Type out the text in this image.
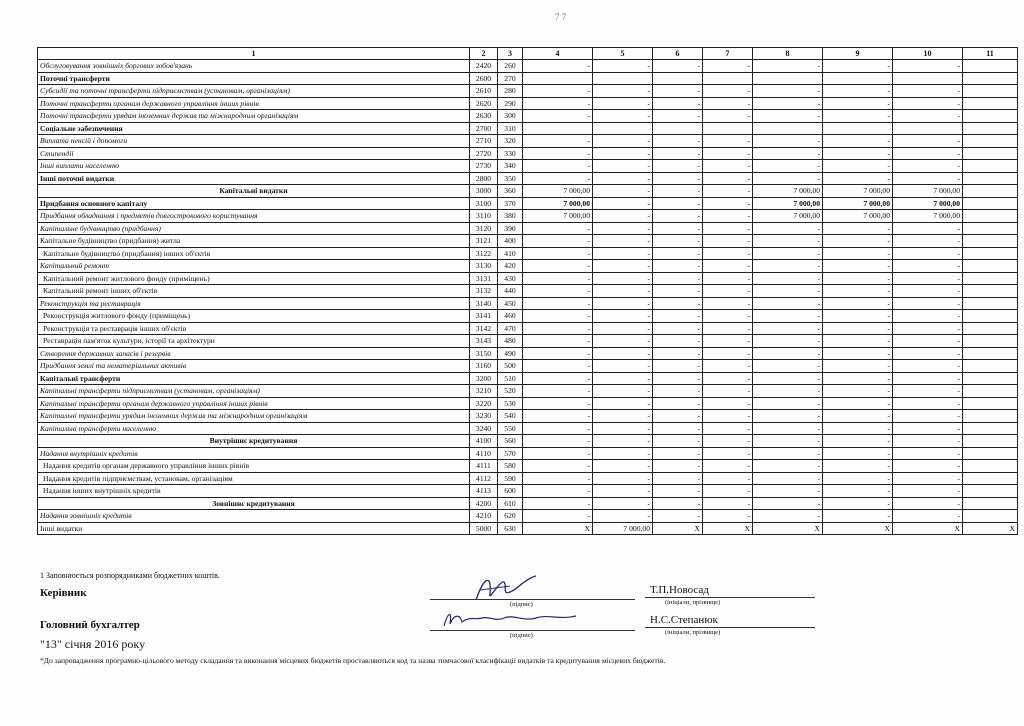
7 7
1	2	3	4	5	6	7	8	9	10	11
Обслуговування зовнішніх боргових зобов'язань	2420	260	-	-	-	-	-	-	-	
Поточні трансферти	2600	270								
Субсидії та поточні трансферти підприємствам (установам, організаціям)	2610	280	-	-	-	-	-	-	-	
Поточні трансферти органам державного управління інших рівнів	2620	290	-	-	-	-	-	-	-	
Поточні трансферти урядам іноземних держав та міжнародним організаціям	2630	300	-	-	-	-	-	-	-	
Соціальне забезпечення	2700	310								
Виплата пенсій і допомоги	2710	320	-	-	-	-	-	-	-	
Стипендії	2720	330	-	-	-	-	-	-	-	
Інші виплати населенню	2730	340	-	-	-	-	-	-	-	
Інші поточні видатки	2800	350	-	-	-	-	-	-	-	
Капітальні видатки	3000	360	7 000,00	-	-	-	7 000,00	7 000,00	7 000,00	
Придбання основного капіталу	3100	370	7 000,00	-	-	-	7 000,00	7 000,00	7 000,00	
Придбання обладнання і предметів довгострокового користування	3110	380	7 000,00	-	-	-	7 000,00	7 000,00	7 000,00	
Капітальне будівництво (придбання)	3120	390	-	-	-	-	-	-	-	
Капітальне будівництво (придбання) житла	3121	400	-	-	-	-	-	-	-	
Капітальне будівництво (придбання) інших об'єктів	3122	410	-	-	-	-	-	-	-	
Капітальний ремонт	3130	420	-	-	-	-	-	-	-	
Капітальний ремонт житлового фонду (приміщень)	3131	430	-	-	-	-	-	-	-	
Капітальний ремонт інших об'єктів	3132	440	-	-	-	-	-	-	-	
Реконструкція та реставрація	3140	450	-	-	-	-	-	-	-	
Реконструкція житлового фонду (приміщень)	3141	460	-	-	-	-	-	-	-	
Реконструкція та реставрація інших об'єктів	3142	470	-	-	-	-	-	-	-	
Реставрація пам'яток культури, історії та архітектури	3143	480	-	-	-	-	-	-	-	
Створення державних запасів і резервів	3150	490	-	-	-	-	-	-	-	
Придбання землі та нематеріальних активів	3160	500	-	-	-	-	-	-	-	
Капітальні трансферти	3200	510	-	-	-	-	-	-	-	
Капітальні трансферти підприємствам (установам, організаціям)	3210	520	-	-	-	-	-	-	-	
Капітальні трансферти органам державного управління інших рівнів	3220	530	-	-	-	-	-	-	-	
Капітальні трансферти урядам іноземних держав та міжнародним організаціям	3230	540	-	-	-	-	-	-	-	
Капітальні трансферти населенню	3240	550	-	-	-	-	-	-	-	
Внутрішнє кредитування	4100	560	-	-	-	-	-	-	-	
Надання внутрішніх кредитів	4110	570	-	-	-	-	-	-	-	
Надання кредитів органам державного управління інших рівнів	4111	580	-	-	-	-	-	-	-	
Надання кредитів підприємствам, установам, організаціям	4112	590	-	-	-	-	-	-	-	
Надання інших внутрішніх кредитів	4113	600	-	-	-	-	-	-	-	
Зовнішнє кредитування	4200	610	-	-	-	-	-	-	-	
Надання зовнішніх кредитів	4210	620	-	-	-	-	-	-	-	
Інші видатки	5000	630	X	7 000,00	X	X	X	X	X	X
1 Заповнюється розпорядниками бюджетних коштів.
Керівник
(підпис)
Т.П.Новосад
(ініціали, прізвище)
Головний бухгалтер
(підпис)
Н.С.Степанюк
(ініціали, прізвище)
"13" січня 2016 року
*До запровадження програмно-цільового методу складання та виконання місцевих бюджетів проставляються код та назва тимчасової класифікації видатків та кредитування місцевих бюджетів.
